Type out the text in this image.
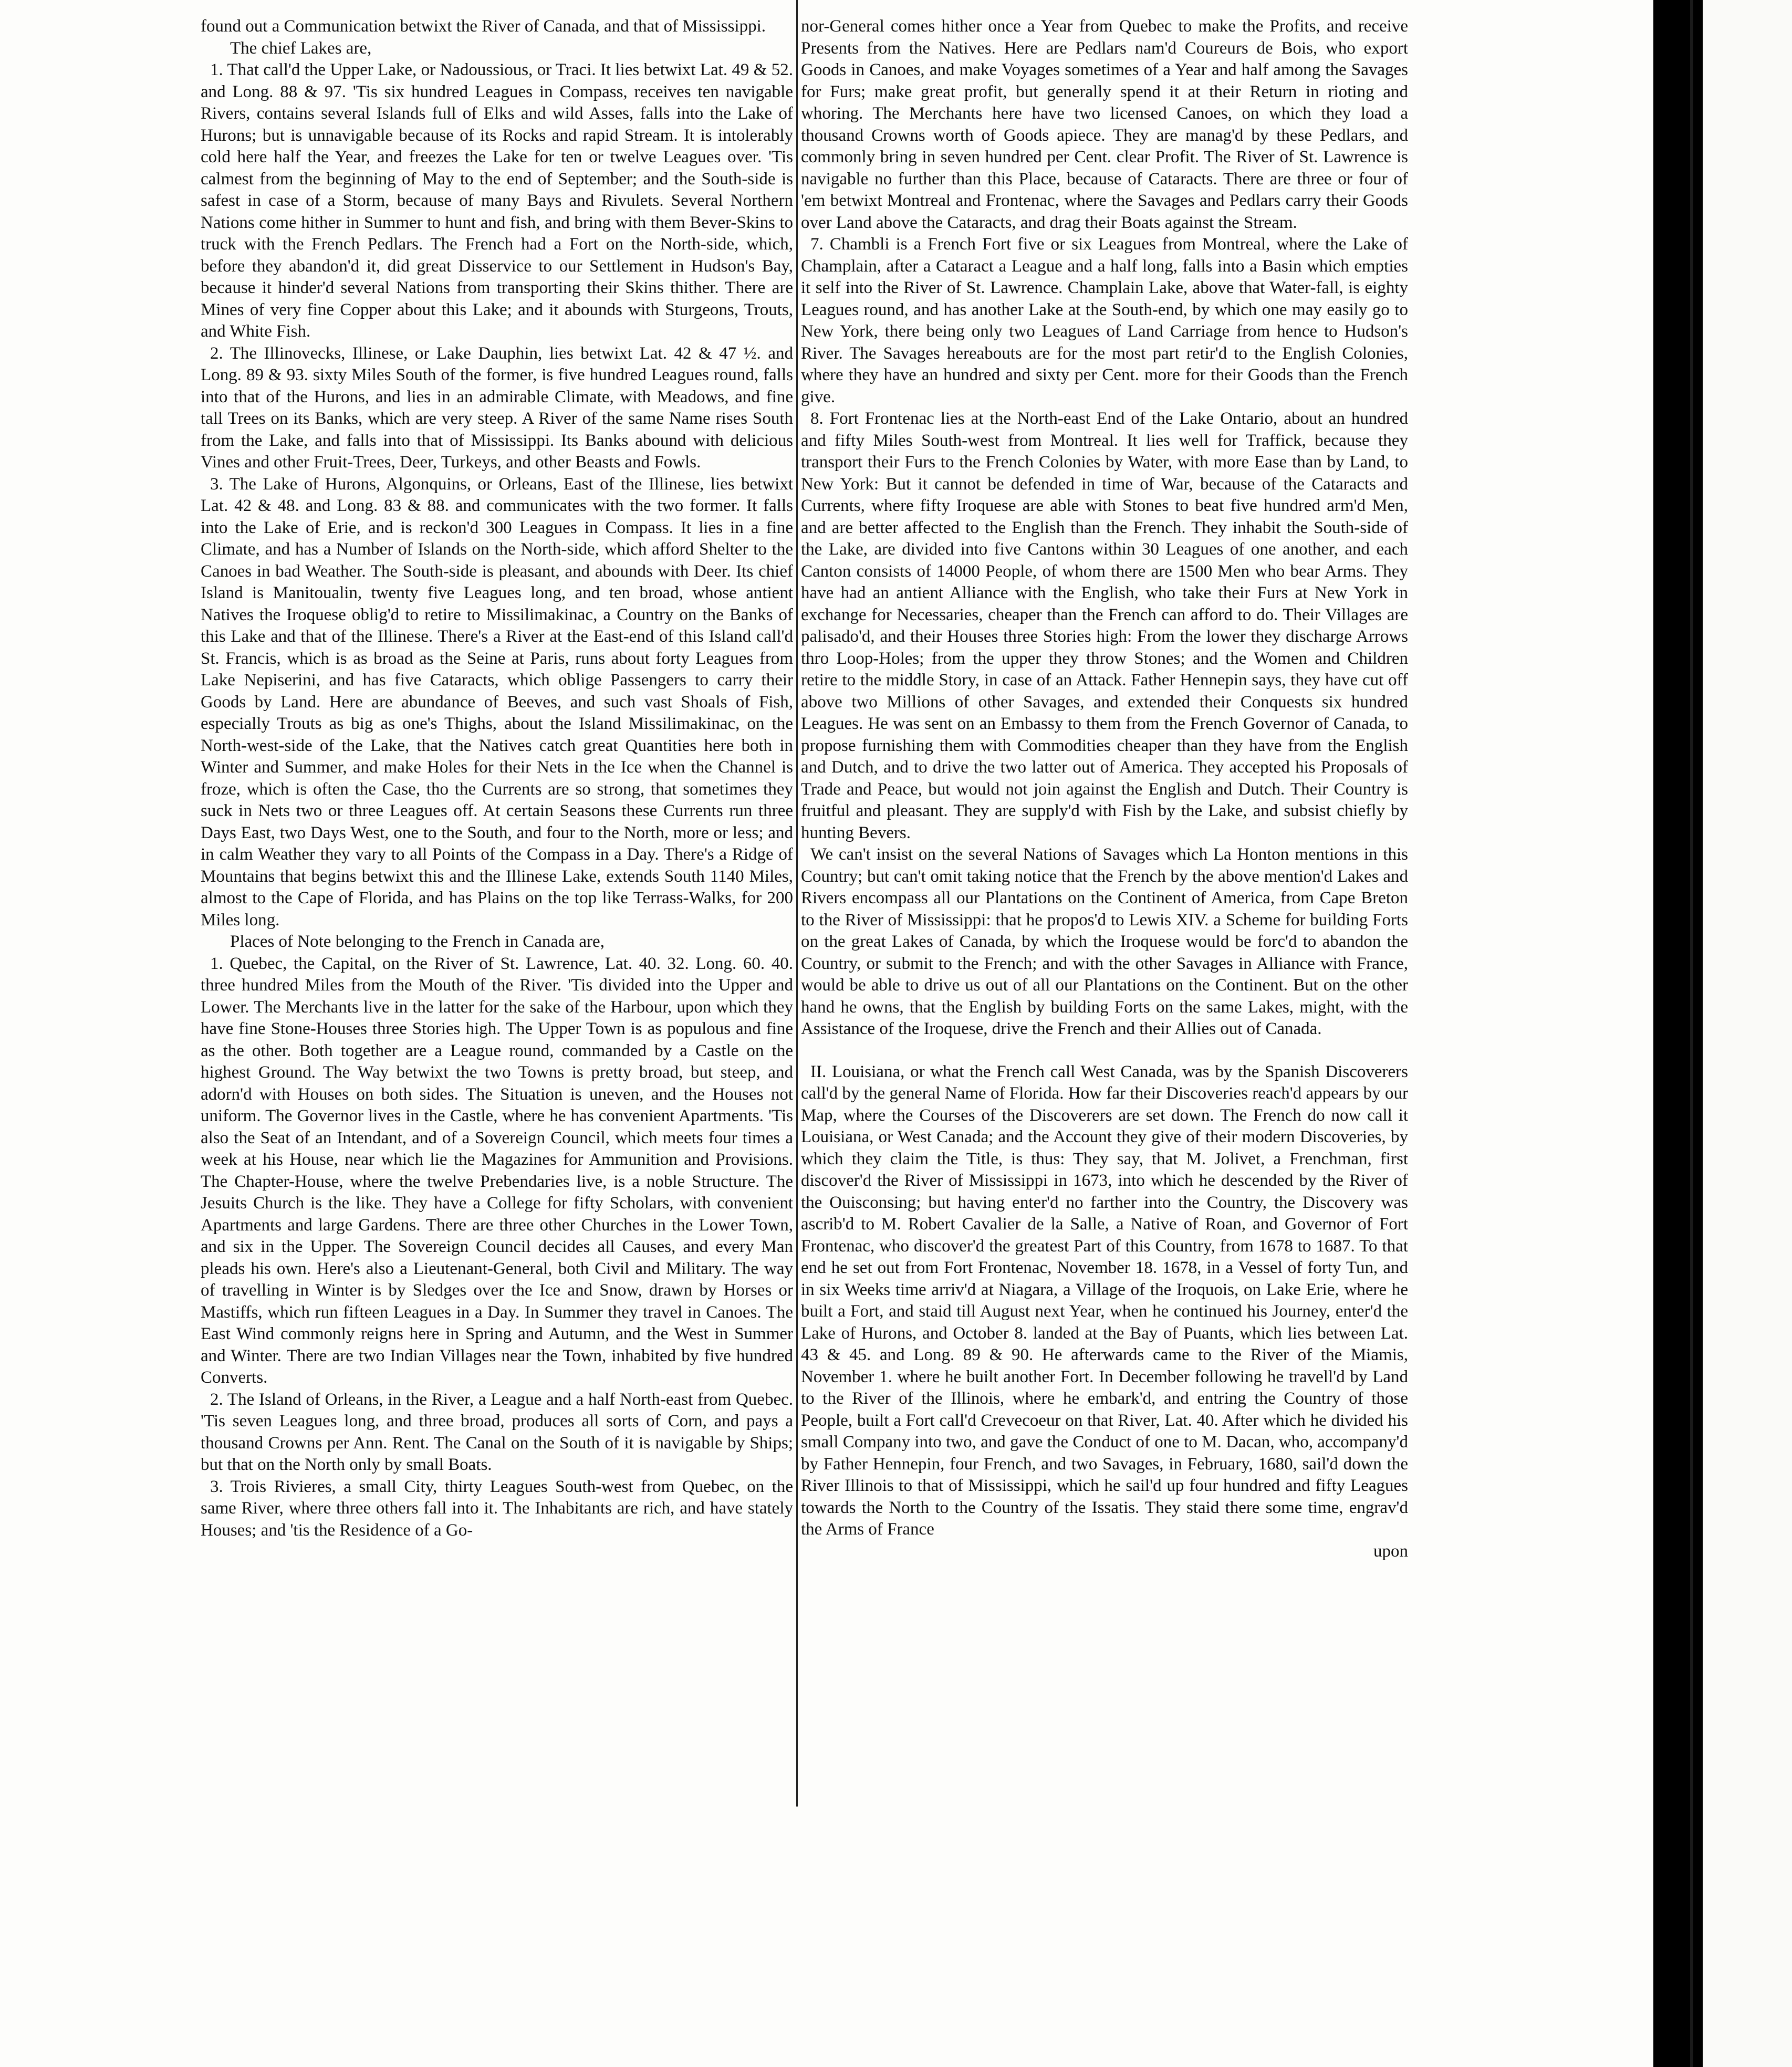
found out a Communication betwixt the River of Canada, and that of Mississippi.

The chief Lakes are,

1. That call'd the Upper Lake, or Nadoussious, or Traci. It lies betwixt Lat. 49 & 52. and Long. 88 & 97. 'Tis six hundred Leagues in Compass, receives ten navigable Rivers, contains several Islands full of Elks and wild Asses, falls into the Lake of Hurons; but is unnavigable because of its Rocks and rapid Stream. It is intolerably cold here half the Year, and freezes the Lake for ten or twelve Leagues over. 'Tis calmest from the beginning of May to the end of September; and the South-side is safest in case of a Storm, because of many Bays and Rivulets. Several Northern Nations come hither in Summer to hunt and fish, and bring with them Bever-Skins to truck with the French Pedlars. The French had a Fort on the North-side, which, before they abandon'd it, did great Disservice to our Settlement in Hudson's Bay, because it hinder'd several Nations from transporting their Skins thither. There are Mines of very fine Copper about this Lake; and it abounds with Sturgeons, Trouts, and White Fish.

2. The Illinovecks, Illinese, or Lake Dauphin, lies betwixt Lat. 42 & 47 ½. and Long. 89 & 93. sixty Miles South of the former, is five hundred Leagues round, falls into that of the Hurons, and lies in an admirable Climate, with Meadows, and fine tall Trees on its Banks, which are very steep. A River of the same Name rises South from the Lake, and falls into that of Mississippi. Its Banks abound with delicious Vines and other Fruit-Trees, Deer, Turkeys, and other Beasts and Fowls.

3. The Lake of Hurons, Algonquins, or Orleans, East of the Illinese, lies betwixt Lat. 42 & 48. and Long. 83 & 88. and communicates with the two former. It falls into the Lake of Erie, and is reckon'd 300 Leagues in Compass. It lies in a fine Climate, and has a Number of Islands on the North-side, which afford Shelter to the Canoes in bad Weather. The South-side is pleasant, and abounds with Deer. Its chief Island is Manitoualin, twenty five Leagues long, and ten broad, whose antient Natives the Iroquese oblig'd to retire to Missilimakinac, a Country on the Banks of this Lake and that of the Illinese. There's a River at the East-end of this Island call'd St. Francis, which is as broad as the Seine at Paris, runs about forty Leagues from Lake Nepiserini, and has five Cataracts, which oblige Passengers to carry their Goods by Land. Here are abundance of Beeves, and such vast Shoals of Fish, especially Trouts as big as one's Thighs, about the Island Missilimakinac, on the North-west-side of the Lake, that the Natives catch great Quantities here both in Winter and Summer, and make Holes for their Nets in the Ice when the Channel is froze, which is often the Case, tho the Currents are so strong, that sometimes they suck in Nets two or three Leagues off. At certain Seasons these Currents run three Days East, two Days West, one to the South, and four to the North, more or less; and in calm Weather they vary to all Points of the Compass in a Day. There's a Ridge of Mountains that begins betwixt this and the Illinese Lake, extends South 1140 Miles, almost to the Cape of Florida, and has Plains on the top like Terrass-Walks, for 200 Miles long.

Places of Note belonging to the French in Canada are,

1. Quebec, the Capital, on the River of St. Lawrence, Lat. 40. 32. Long. 60. 40. three hundred Miles from the Mouth of the River. 'Tis divided into the Upper and Lower. The Merchants live in the latter for the sake of the Harbour, upon which they have fine Stone-Houses three Stories high. The Upper Town is as populous and fine as the other. Both together are a League round, commanded by a Castle on the highest Ground. The Way betwixt the two Towns is pretty broad, but steep, and adorn'd with Houses on both sides. The Situation is uneven, and the Houses not uniform. The Governor lives in the Castle, where he has convenient Apartments. 'Tis also the Seat of an Intendant, and of a Sovereign Council, which meets four times a week at his House, near which lie the Magazines for Ammunition and Provisions. The Chapter-House, where the twelve Prebendaries live, is a noble Structure. The Jesuits Church is the like. They have a College for fifty Scholars, with convenient Apartments and large Gardens. There are three other Churches in the Lower Town, and six in the Upper. The Sovereign Council decides all Causes, and every Man pleads his own. Here's also a Lieutenant-General, both Civil and Military. The way of travelling in Winter is by Sledges over the Ice and Snow, drawn by Horses or Mastiffs, which run fifteen Leagues in a Day. In Summer they travel in Canoes. The East Wind commonly reigns here in Spring and Autumn, and the West in Summer and Winter. There are two Indian Villages near the Town, inhabited by five hundred Converts.

2. The Island of Orleans, in the River, a League and a half North-east from Quebec. 'Tis seven Leagues long, and three broad, produces all sorts of Corn, and pays a thousand Crowns per Ann. Rent. The Canal on the South of it is navigable by Ships; but that on the North only by small Boats.

3. Trois Rivieres, a small City, thirty Leagues South-west from Quebec, on the same River, where three others fall into it. The Inhabitants are rich, and have stately Houses; and 'tis the Residence of a Go-

nor-General comes hither once a Year from Quebec to make the Profits, and receive Presents from the Natives. Here are Pedlars nam'd Coureurs de Bois, who export Goods in Canoes, and make Voyages sometimes of a Year and half among the Savages for Furs; make great profit, but generally spend it at their Return in rioting and whoring. The Merchants here have two licensed Canoes, on which they load a thousand Crowns worth of Goods apiece. They are manag'd by these Pedlars, and commonly bring in seven hundred per Cent. clear Profit. The River of St. Lawrence is navigable no further than this Place, because of Cataracts. There are three or four of 'em betwixt Montreal and Frontenac, where the Savages and Pedlars carry their Goods over Land above the Cataracts, and drag their Boats against the Stream.

7. Chambli is a French Fort five or six Leagues from Montreal, where the Lake of Champlain, after a Cataract a League and a half long, falls into a Basin which empties it self into the River of St. Lawrence. Champlain Lake, above that Water-fall, is eighty Leagues round, and has another Lake at the South-end, by which one may easily go to New York, there being only two Leagues of Land Carriage from hence to Hudson's River. The Savages hereabouts are for the most part retir'd to the English Colonies, where they have an hundred and sixty per Cent. more for their Goods than the French give.

8. Fort Frontenac lies at the North-east End of the Lake Ontario, about an hundred and fifty Miles South-west from Montreal. It lies well for Traffick, because they transport their Furs to the French Colonies by Water, with more Ease than by Land, to New York: But it cannot be defended in time of War, because of the Cataracts and Currents, where fifty Iroquese are able with Stones to beat five hundred arm'd Men, and are better affected to the English than the French. They inhabit the South-side of the Lake, are divided into five Cantons within 30 Leagues of one another, and each Canton consists of 14000 People, of whom there are 1500 Men who bear Arms. They have had an antient Alliance with the English, who take their Furs at New York in exchange for Necessaries, cheaper than the French can afford to do. Their Villages are palisado'd, and their Houses three Stories high: From the lower they discharge Arrows thro Loop-Holes; from the upper they throw Stones; and the Women and Children retire to the middle Story, in case of an Attack. Father Hennepin says, they have cut off above two Millions of other Savages, and extended their Conquests six hundred Leagues. He was sent on an Embassy to them from the French Governor of Canada, to propose furnishing them with Commodities cheaper than they have from the English and Dutch, and to drive the two latter out of America. They accepted his Proposals of Trade and Peace, but would not join against the English and Dutch. Their Country is fruitful and pleasant. They are supply'd with Fish by the Lake, and subsist chiefly by hunting Bevers.

We can't insist on the several Nations of Savages which La Honton mentions in this Country; but can't omit taking notice that the French by the above mention'd Lakes and Rivers encompass all our Plantations on the Continent of America, from Cape Breton to the River of Mississippi: that he propos'd to Lewis XIV. a Scheme for building Forts on the great Lakes of Canada, by which the Iroquese would be forc'd to abandon the Country, or submit to the French; and with the other Savages in Alliance with France, would be able to drive us out of all our Plantations on the Continent. But on the other hand he owns, that the English by building Forts on the same Lakes, might, with the Assistance of the Iroquese, drive the French and their Allies out of Canada.

II. Louisiana, or what the French call West Canada, was by the Spanish Discoverers call'd by the general Name of Florida. How far their Discoveries reach'd appears by our Map, where the Courses of the Discoverers are set down. The French do now call it Louisiana, or West Canada; and the Account they give of their modern Discoveries, by which they claim the Title, is thus: They say, that M. Jolivet, a Frenchman, first discover'd the River of Mississippi in 1673, into which he descended by the River of the Ouisconsing; but having enter'd no farther into the Country, the Discovery was ascrib'd to M. Robert Cavalier de la Salle, a Native of Roan, and Governor of Fort Frontenac, who discover'd the greatest Part of this Country, from 1678 to 1687. To that end he set out from Fort Frontenac, November 18. 1678, in a Vessel of forty Tun, and in six Weeks time arriv'd at Niagara, a Village of the Iroquois, on Lake Erie, where he built a Fort, and staid till August next Year, when he continued his Journey, enter'd the Lake of Hurons, and October 8. landed at the Bay of Puants, which lies between Lat. 43 & 45. and Long. 89 & 90. He afterwards came to the River of the Miamis, November 1. where he built another Fort. In December following he travell'd by Land to the River of the Illinois, where he embark'd, and entring the Country of those People, built a Fort call'd Crevecoeur on that River, Lat. 40. After which he divided his small Company into two, and gave the Conduct of one to M. Dacan, who, accompany'd by Father Hennepin, four French, and two Savages, in February, 1680, sail'd down the River Illinois to that of Mississippi, which he sail'd up four hundred and fifty Leagues towards the North to the Country of the Issatis. They staid there some time, engrav'd the Arms of France

upon
